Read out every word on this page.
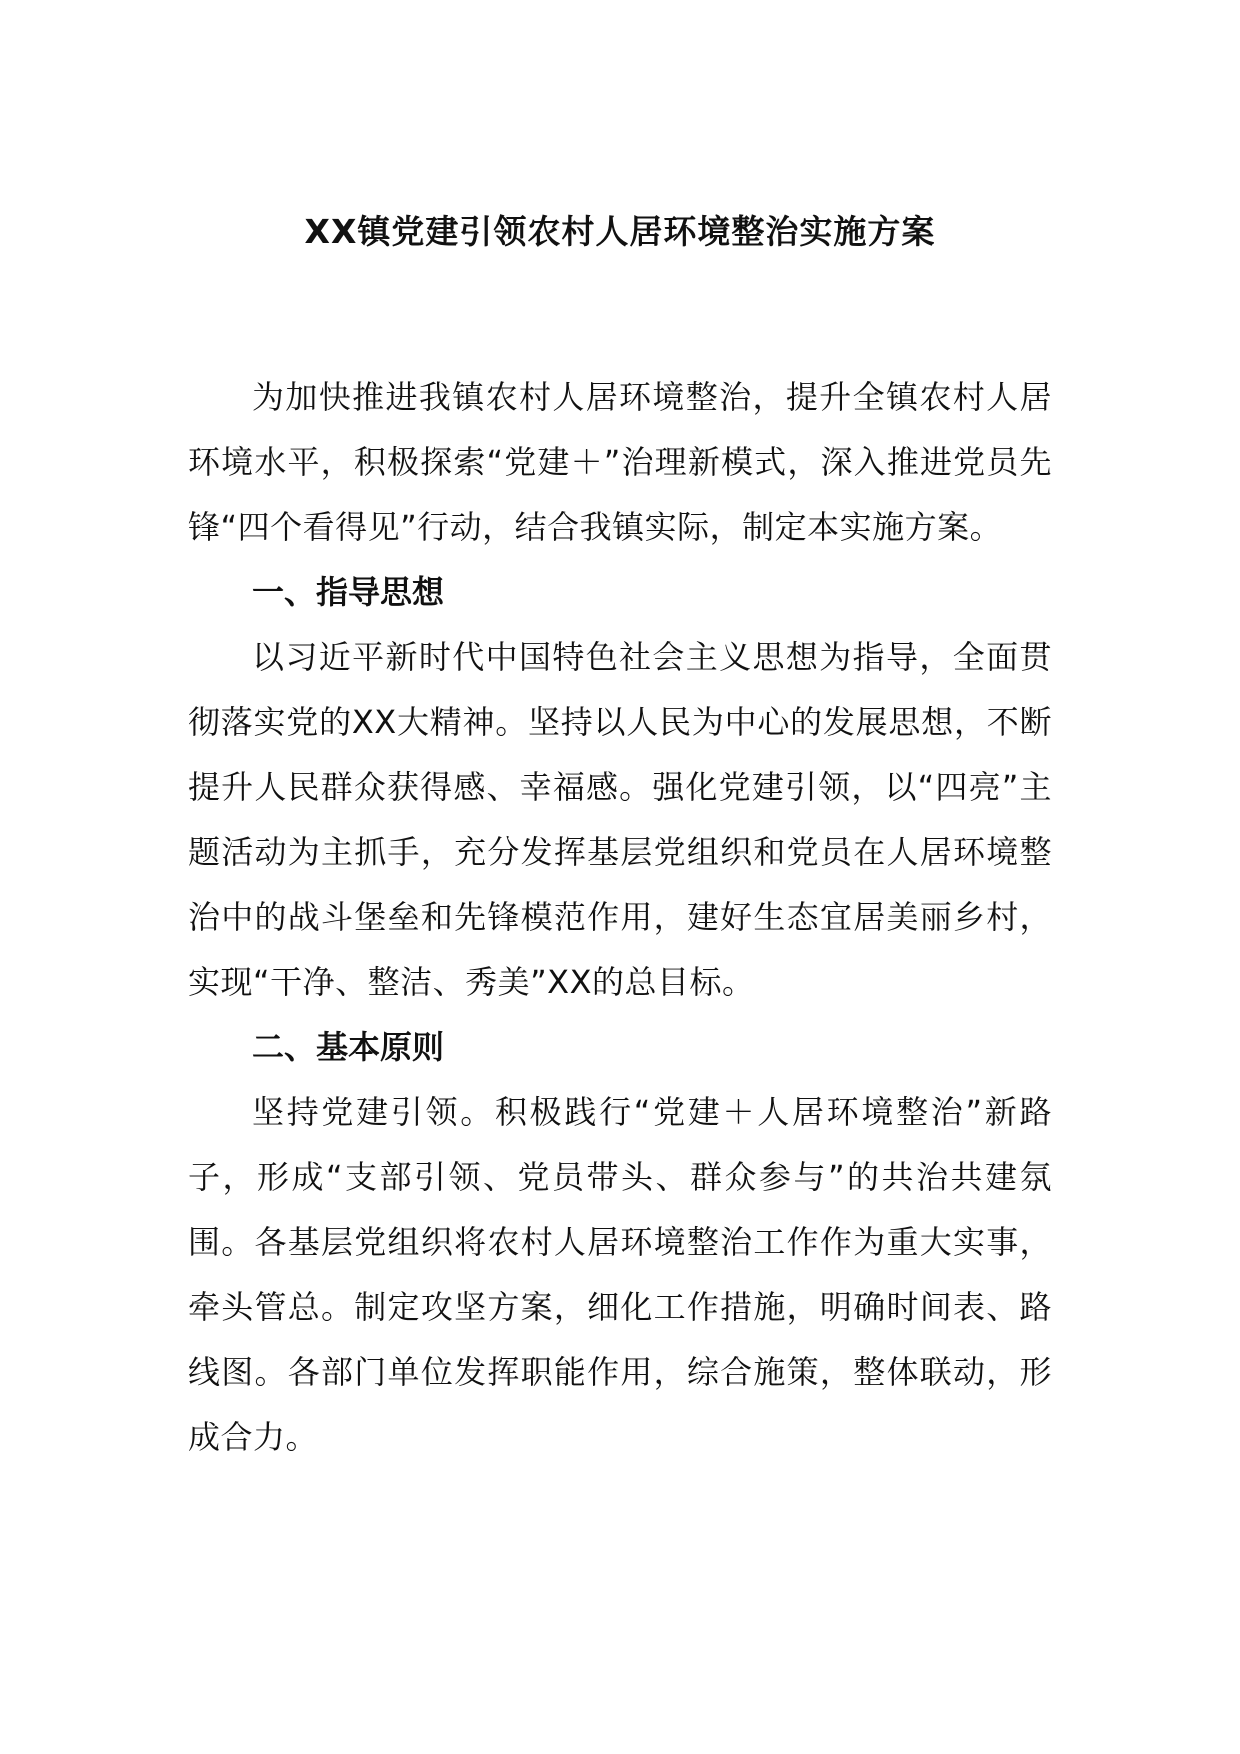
XX镇党建引领农村人居环境整治实施方案

为加快推进我镇农村人居环境整治，提升全镇农村人居环境水平，积极探索“党建＋”治理新模式，深入推进党员先锋“四个看得见”行动，结合我镇实际，制定本实施方案。

一、指导思想

以习近平新时代中国特色社会主义思想为指导，全面贯彻落实党的XX大精神。坚持以人民为中心的发展思想，不断提升人民群众获得感、幸福感。强化党建引领，以“四亮”主题活动为主抓手，充分发挥基层党组织和党员在人居环境整治中的战斗堡垒和先锋模范作用，建好生态宜居美丽乡村，实现“干净、整洁、秀美”XX的总目标。

二、基本原则

坚持党建引领。积极践行“党建＋人居环境整治”新路子，形成“支部引领、党员带头、群众参与”的共治共建氛围。各基层党组织将农村人居环境整治工作作为重大实事，牵头管总。制定攻坚方案，细化工作措施，明确时间表、路线图。各部门单位发挥职能作用，综合施策，整体联动，形成合力。
